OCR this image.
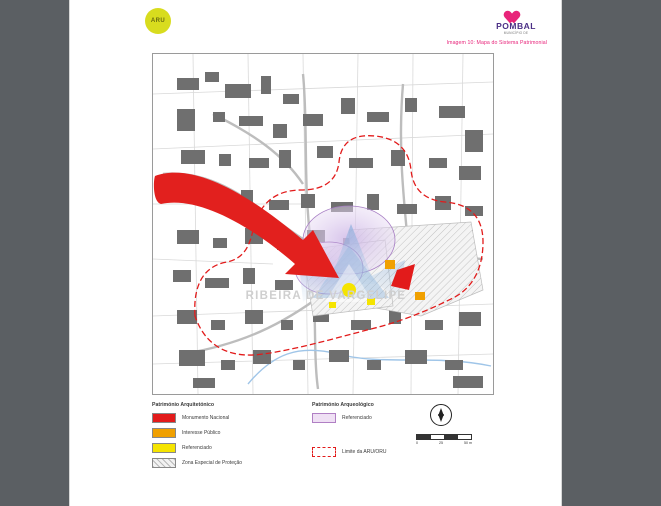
ARU	POMBAL
MUNICÍPIO DE
Imagem 10: Mapa do Sistema Patrimonial
RIBEIRA DE VARGELIPE
Património Arquitetónico
Monumento Nacional
Interesse Público
Referenciado
Zona Especial de Proteção
Património Arqueológico
Referenciado
Limite da ARU/ORU
0	25	50 m
